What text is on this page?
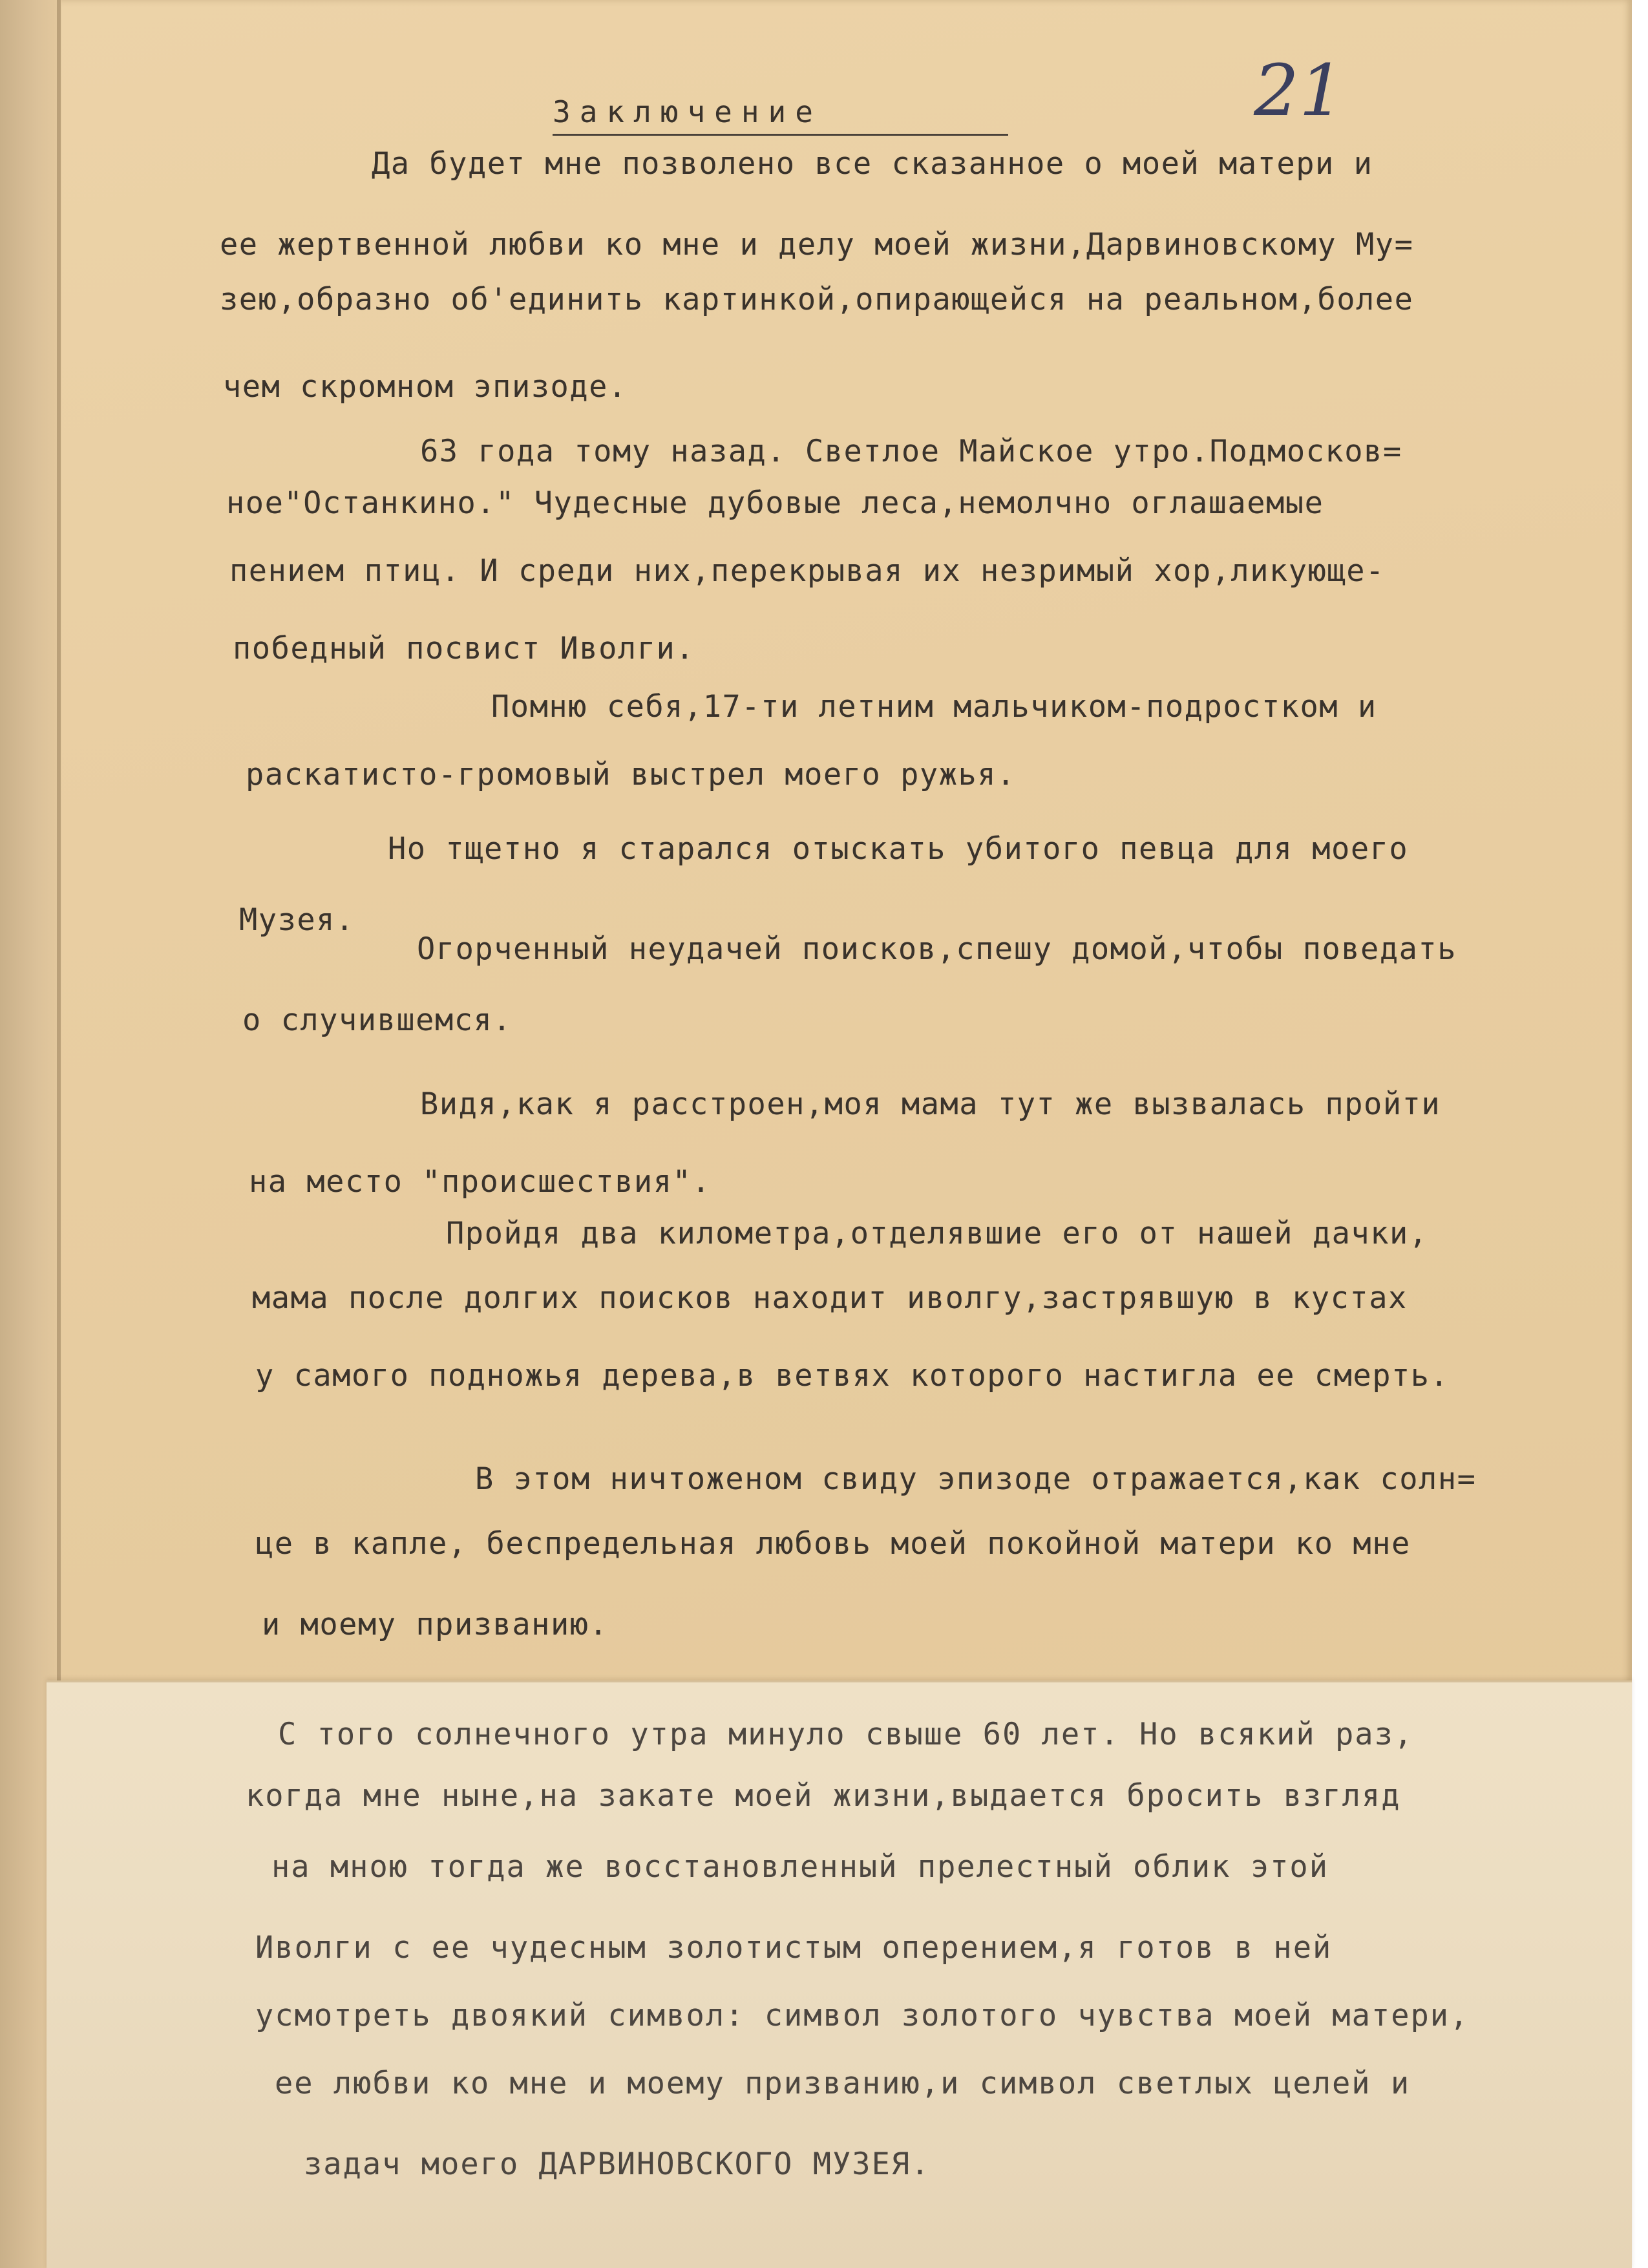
21
Заключение
Да будет мне позволено все сказанное о моей матери и
ее жертвенной любви ко мне и делу моей жизни,Дарвиновскому Му=
зею,образно об'единить картинкой,опирающейся на реальном,более
чем скромном эпизоде.
63 года тому назад. Светлое Майское утро.Подмосков=
ное"Останкино." Чудесные дубовые леса,немолчно оглашаемые
пением птиц. И среди них,перекрывая их незримый хор,ликующе-
победный посвист Иволги.
Помню себя,17-ти летним мальчиком-подростком и
раскатисто-громовый выстрел моего ружья.
Но тщетно я старался отыскать убитого певца для моего
Музея.
Огорченный неудачей поисков,спешу домой,чтобы поведать
о случившемся.
Видя,как я расстроен,моя мама тут же вызвалась пройти
на место "происшествия".
Пройдя два километра,отделявшие его от нашей дачки,
мама после долгих поисков находит иволгу,застрявшую в кустах
у самого подножья дерева,в ветвях которого настигла ее смерть.
В этом ничтоженом свиду эпизоде отражается,как солн=
це в капле, беспредельная любовь моей покойной матери ко мне
и моему призванию.
С того солнечного утра минуло свыше 60 лет. Но всякий раз,
когда мне ныне,на закате моей жизни,выдается бросить взгляд
на мною тогда же восстановленный прелестный облик этой
Иволги с ее чудесным золотистым оперением,я готов в ней
усмотреть двоякий символ: символ золотого чувства моей матери,
ее любви ко мне и моему призванию,и символ светлых целей и
задач моего ДАРВИНОВСКОГО МУЗЕЯ.
